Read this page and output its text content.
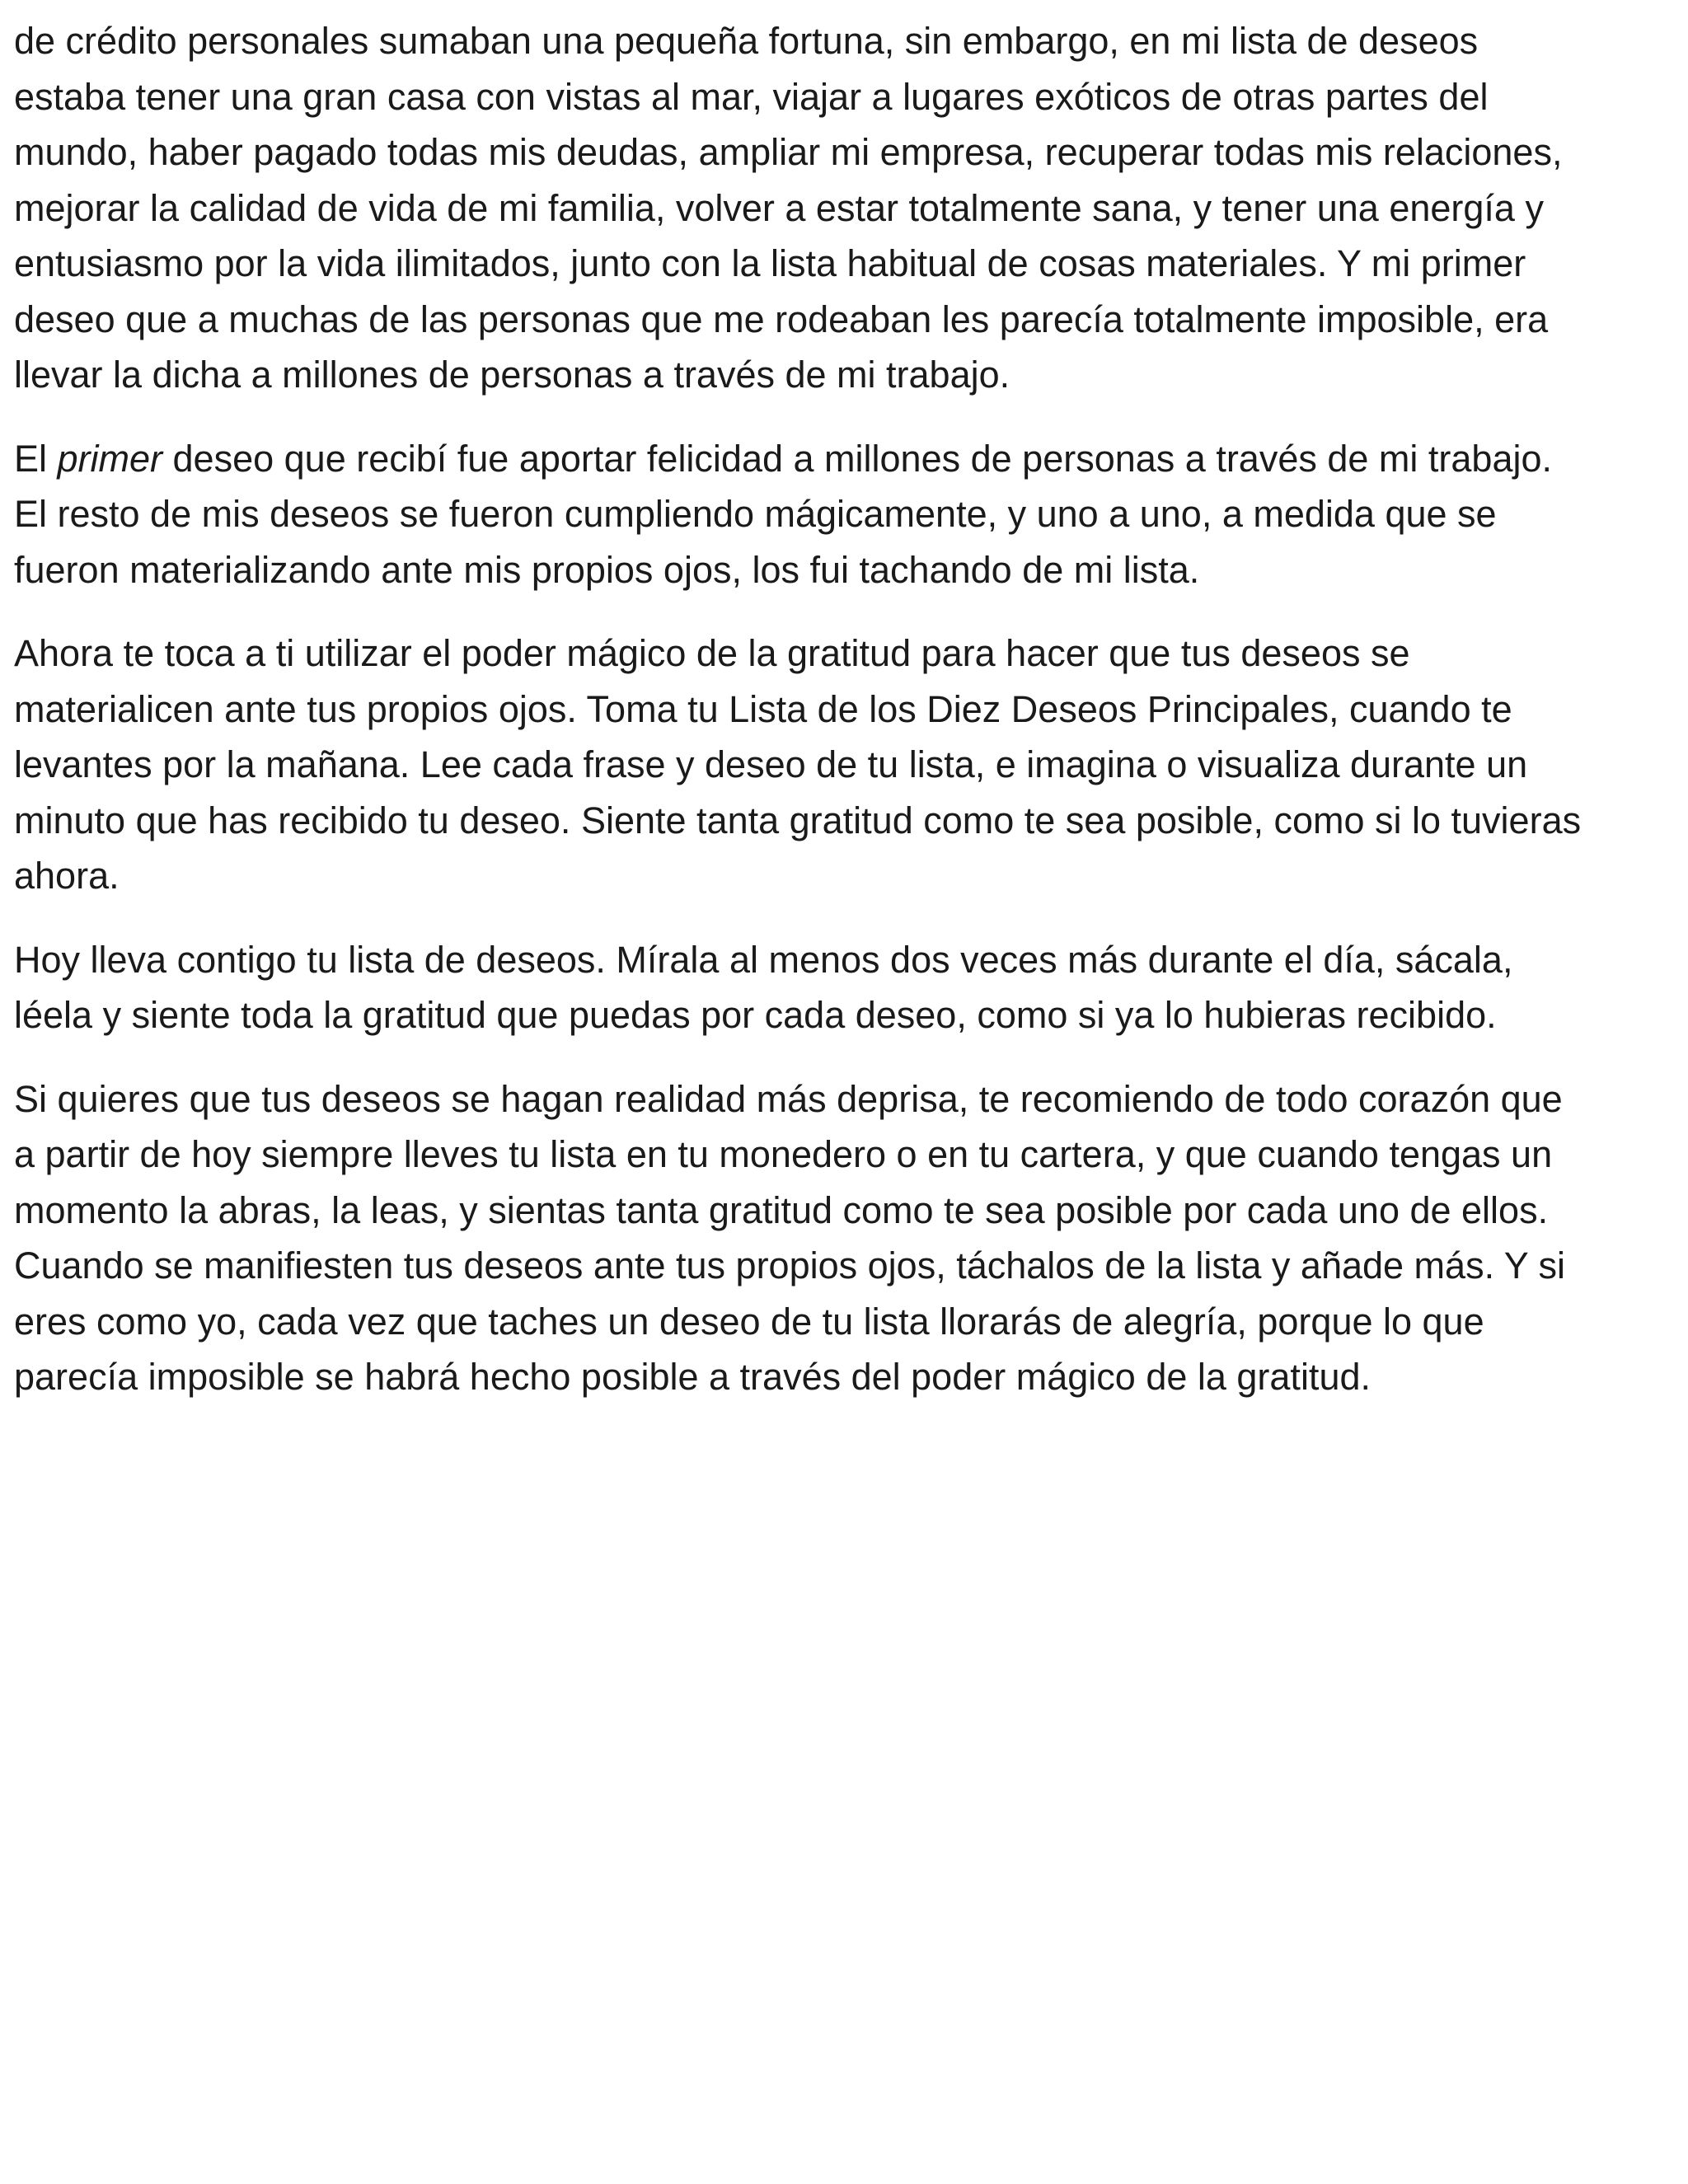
de crédito personales sumaban una pequeña fortuna, sin embargo, en mi lista de deseos
estaba tener una gran casa con vistas al mar, viajar a lugares exóticos de otras partes del
mundo, haber pagado todas mis deudas, ampliar mi empresa, recuperar todas mis relaciones,
mejorar la calidad de vida de mi familia, volver a estar totalmente sana, y tener una energía y
entusiasmo por la vida ilimitados, junto con la lista habitual de cosas materiales. Y mi primer
deseo que a muchas de las personas que me rodeaban les parecía totalmente imposible, era
llevar la dicha a millones de personas a través de mi trabajo.

El primer deseo que recibí fue aportar felicidad a millones de personas a través de mi trabajo.
El resto de mis deseos se fueron cumpliendo mágicamente, y uno a uno, a medida que se
fueron materializando ante mis propios ojos, los fui tachando de mi lista.

Ahora te toca a ti utilizar el poder mágico de la gratitud para hacer que tus deseos se
materialicen ante tus propios ojos. Toma tu Lista de los Diez Deseos Principales, cuando te
levantes por la mañana. Lee cada frase y deseo de tu lista, e imagina o visualiza durante un
minuto que has recibido tu deseo. Siente tanta gratitud como te sea posible, como si lo tuvieras
ahora.

Hoy lleva contigo tu lista de deseos. Mírala al menos dos veces más durante el día, sácala,
léela y siente toda la gratitud que puedas por cada deseo, como si ya lo hubieras recibido.

Si quieres que tus deseos se hagan realidad más deprisa, te recomiendo de todo corazón que
a partir de hoy siempre lleves tu lista en tu monedero o en tu cartera, y que cuando tengas un
momento la abras, la leas, y sientas tanta gratitud como te sea posible por cada uno de ellos.
Cuando se manifiesten tus deseos ante tus propios ojos, táchalos de la lista y añade más. Y si
eres como yo, cada vez que taches un deseo de tu lista llorarás de alegría, porque lo que
parecía imposible se habrá hecho posible a través del poder mágico de la gratitud.
